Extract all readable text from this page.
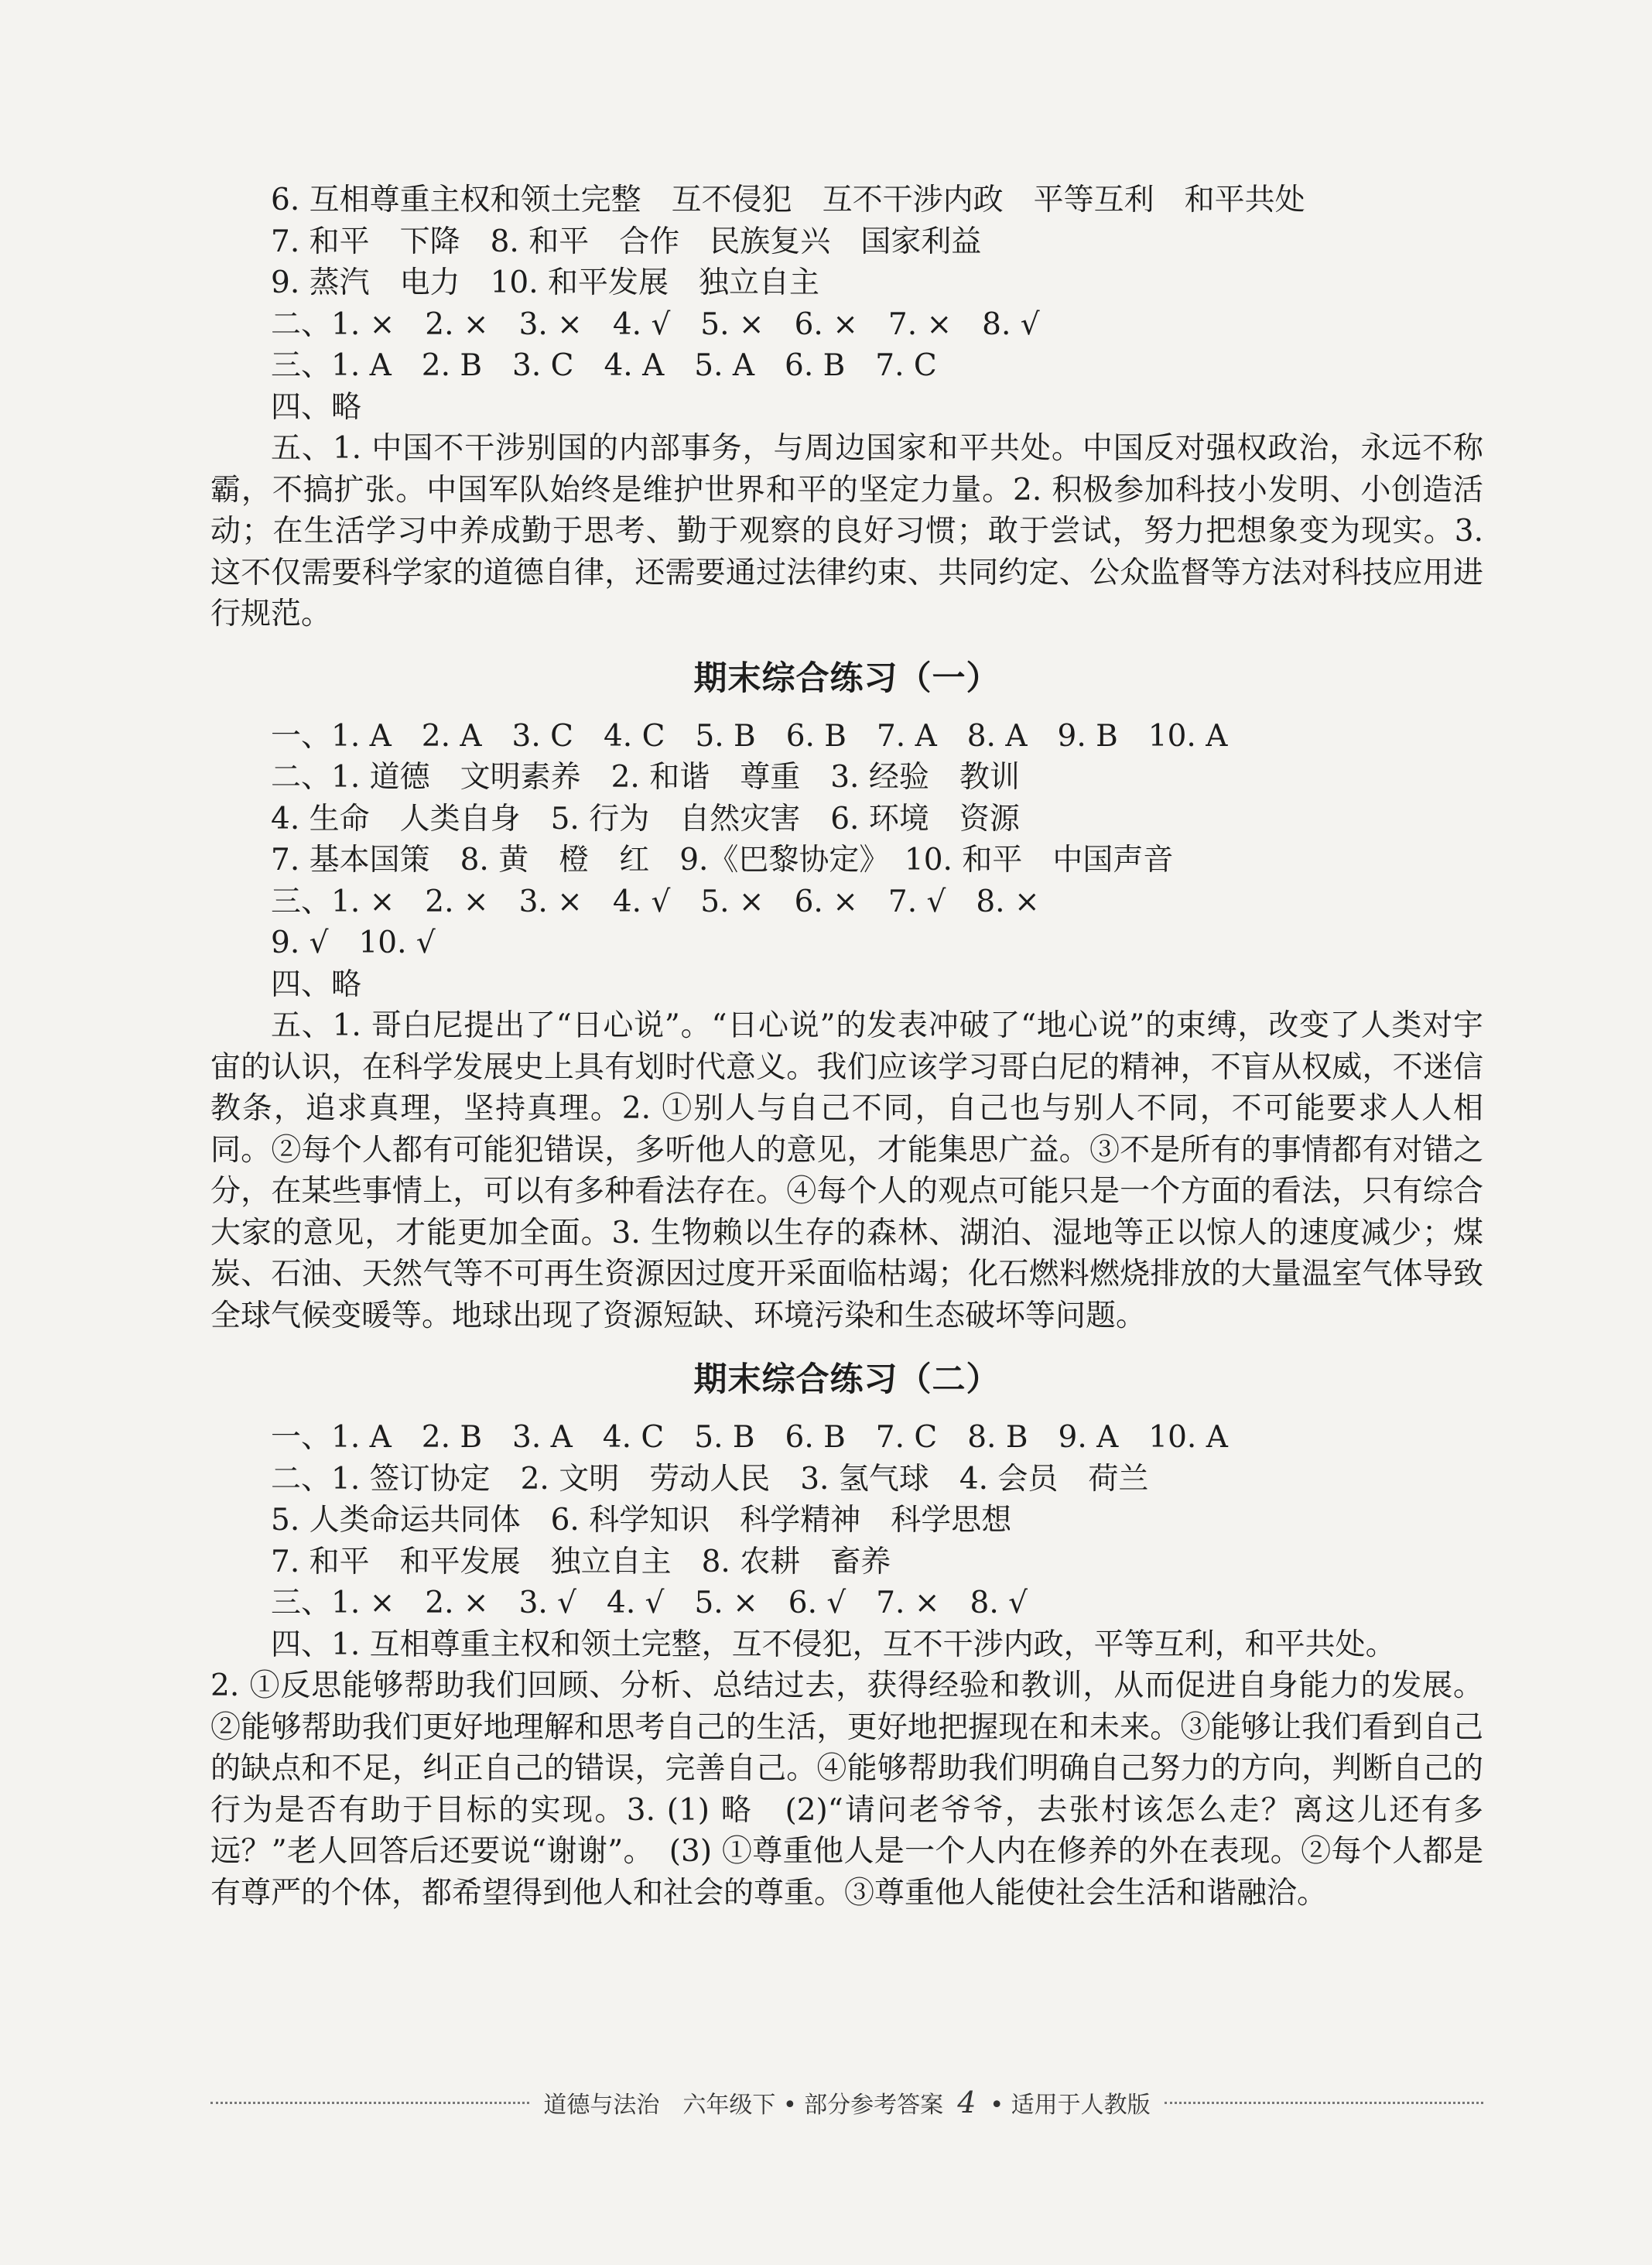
6. 互相尊重主权和领土完整　互不侵犯　互不干涉内政　平等互利　和平共处
7. 和平　下降　8. 和平　合作　民族复兴　国家利益
9. 蒸汽　电力　10. 和平发展　独立自主
二、1. ×　2. ×　3. ×　4. √　5. ×　6. ×　7. ×　8. √
三、1. A　2. B　3. C　4. A　5. A　6. B　7. C
四、略

五、1. 中国不干涉别国的内部事务，与周边国家和平共处。中国反对强权政治，永远不称霸，不搞扩张。中国军队始终是维护世界和平的坚定力量。2. 积极参加科技小发明、小创造活动；在生活学习中养成勤于思考、勤于观察的良好习惯；敢于尝试，努力把想象变为现实。3. 这不仅需要科学家的道德自律，还需要通过法律约束、共同约定、公众监督等方法对科技应用进行规范。

期末综合练习（一）
一、1. A　2. A　3. C　4. C　5. B　6. B　7. A　8. A　9. B　10. A
二、1. 道德　文明素养　2. 和谐　尊重　3. 经验　教训
4. 生命　人类自身　5. 行为　自然灾害　6. 环境　资源
7. 基本国策　8. 黄　橙　红　9.《巴黎协定》　10. 和平　中国声音
三、1. ×　2. ×　3. ×　4. √　5. ×　6. ×　7. √　8. ×
9. √　10. √
四、略

五、1. 哥白尼提出了“日心说”。“日心说”的发表冲破了“地心说”的束缚，改变了人类对宇宙的认识，在科学发展史上具有划时代意义。我们应该学习哥白尼的精神，不盲从权威，不迷信教条，追求真理，坚持真理。2. ①别人与自己不同，自己也与别人不同，不可能要求人人相同。②每个人都有可能犯错误，多听他人的意见，才能集思广益。③不是所有的事情都有对错之分，在某些事情上，可以有多种看法存在。④每个人的观点可能只是一个方面的看法，只有综合大家的意见，才能更加全面。3. 生物赖以生存的森林、湖泊、湿地等正以惊人的速度减少；煤炭、石油、天然气等不可再生资源因过度开采面临枯竭；化石燃料燃烧排放的大量温室气体导致全球气候变暖等。地球出现了资源短缺、环境污染和生态破坏等问题。

期末综合练习（二）
一、1. A　2. B　3. A　4. C　5. B　6. B　7. C　8. B　9. A　10. A
二、1. 签订协定　2. 文明　劳动人民　3. 氢气球　4. 会员　荷兰
5. 人类命运共同体　6. 科学知识　科学精神　科学思想
7. 和平　和平发展　独立自主　8. 农耕　畜养
三、1. ×　2. ×　3. √　4. √　5. ×　6. √　7. ×　8. √

四、1. 互相尊重主权和领土完整，互不侵犯，互不干涉内政，平等互利，和平共处。

2. ①反思能够帮助我们回顾、分析、总结过去，获得经验和教训，从而促进自身能力的发展。②能够帮助我们更好地理解和思考自己的生活，更好地把握现在和未来。③能够让我们看到自己的缺点和不足，纠正自己的错误，完善自己。④能够帮助我们明确自己努力的方向，判断自己的行为是否有助于目标的实现。3. (1) 略　(2)“请问老爷爷，去张村该怎么走？离这儿还有多远？”老人回答后还要说“谢谢”。　(3) ①尊重他人是一个人内在修养的外在表现。②每个人都是有尊严的个体，都希望得到他人和社会的尊重。③尊重他人能使社会生活和谐融洽。

道德与法治　六年级下 • 部分参考答案 4 • 适用于人教版
